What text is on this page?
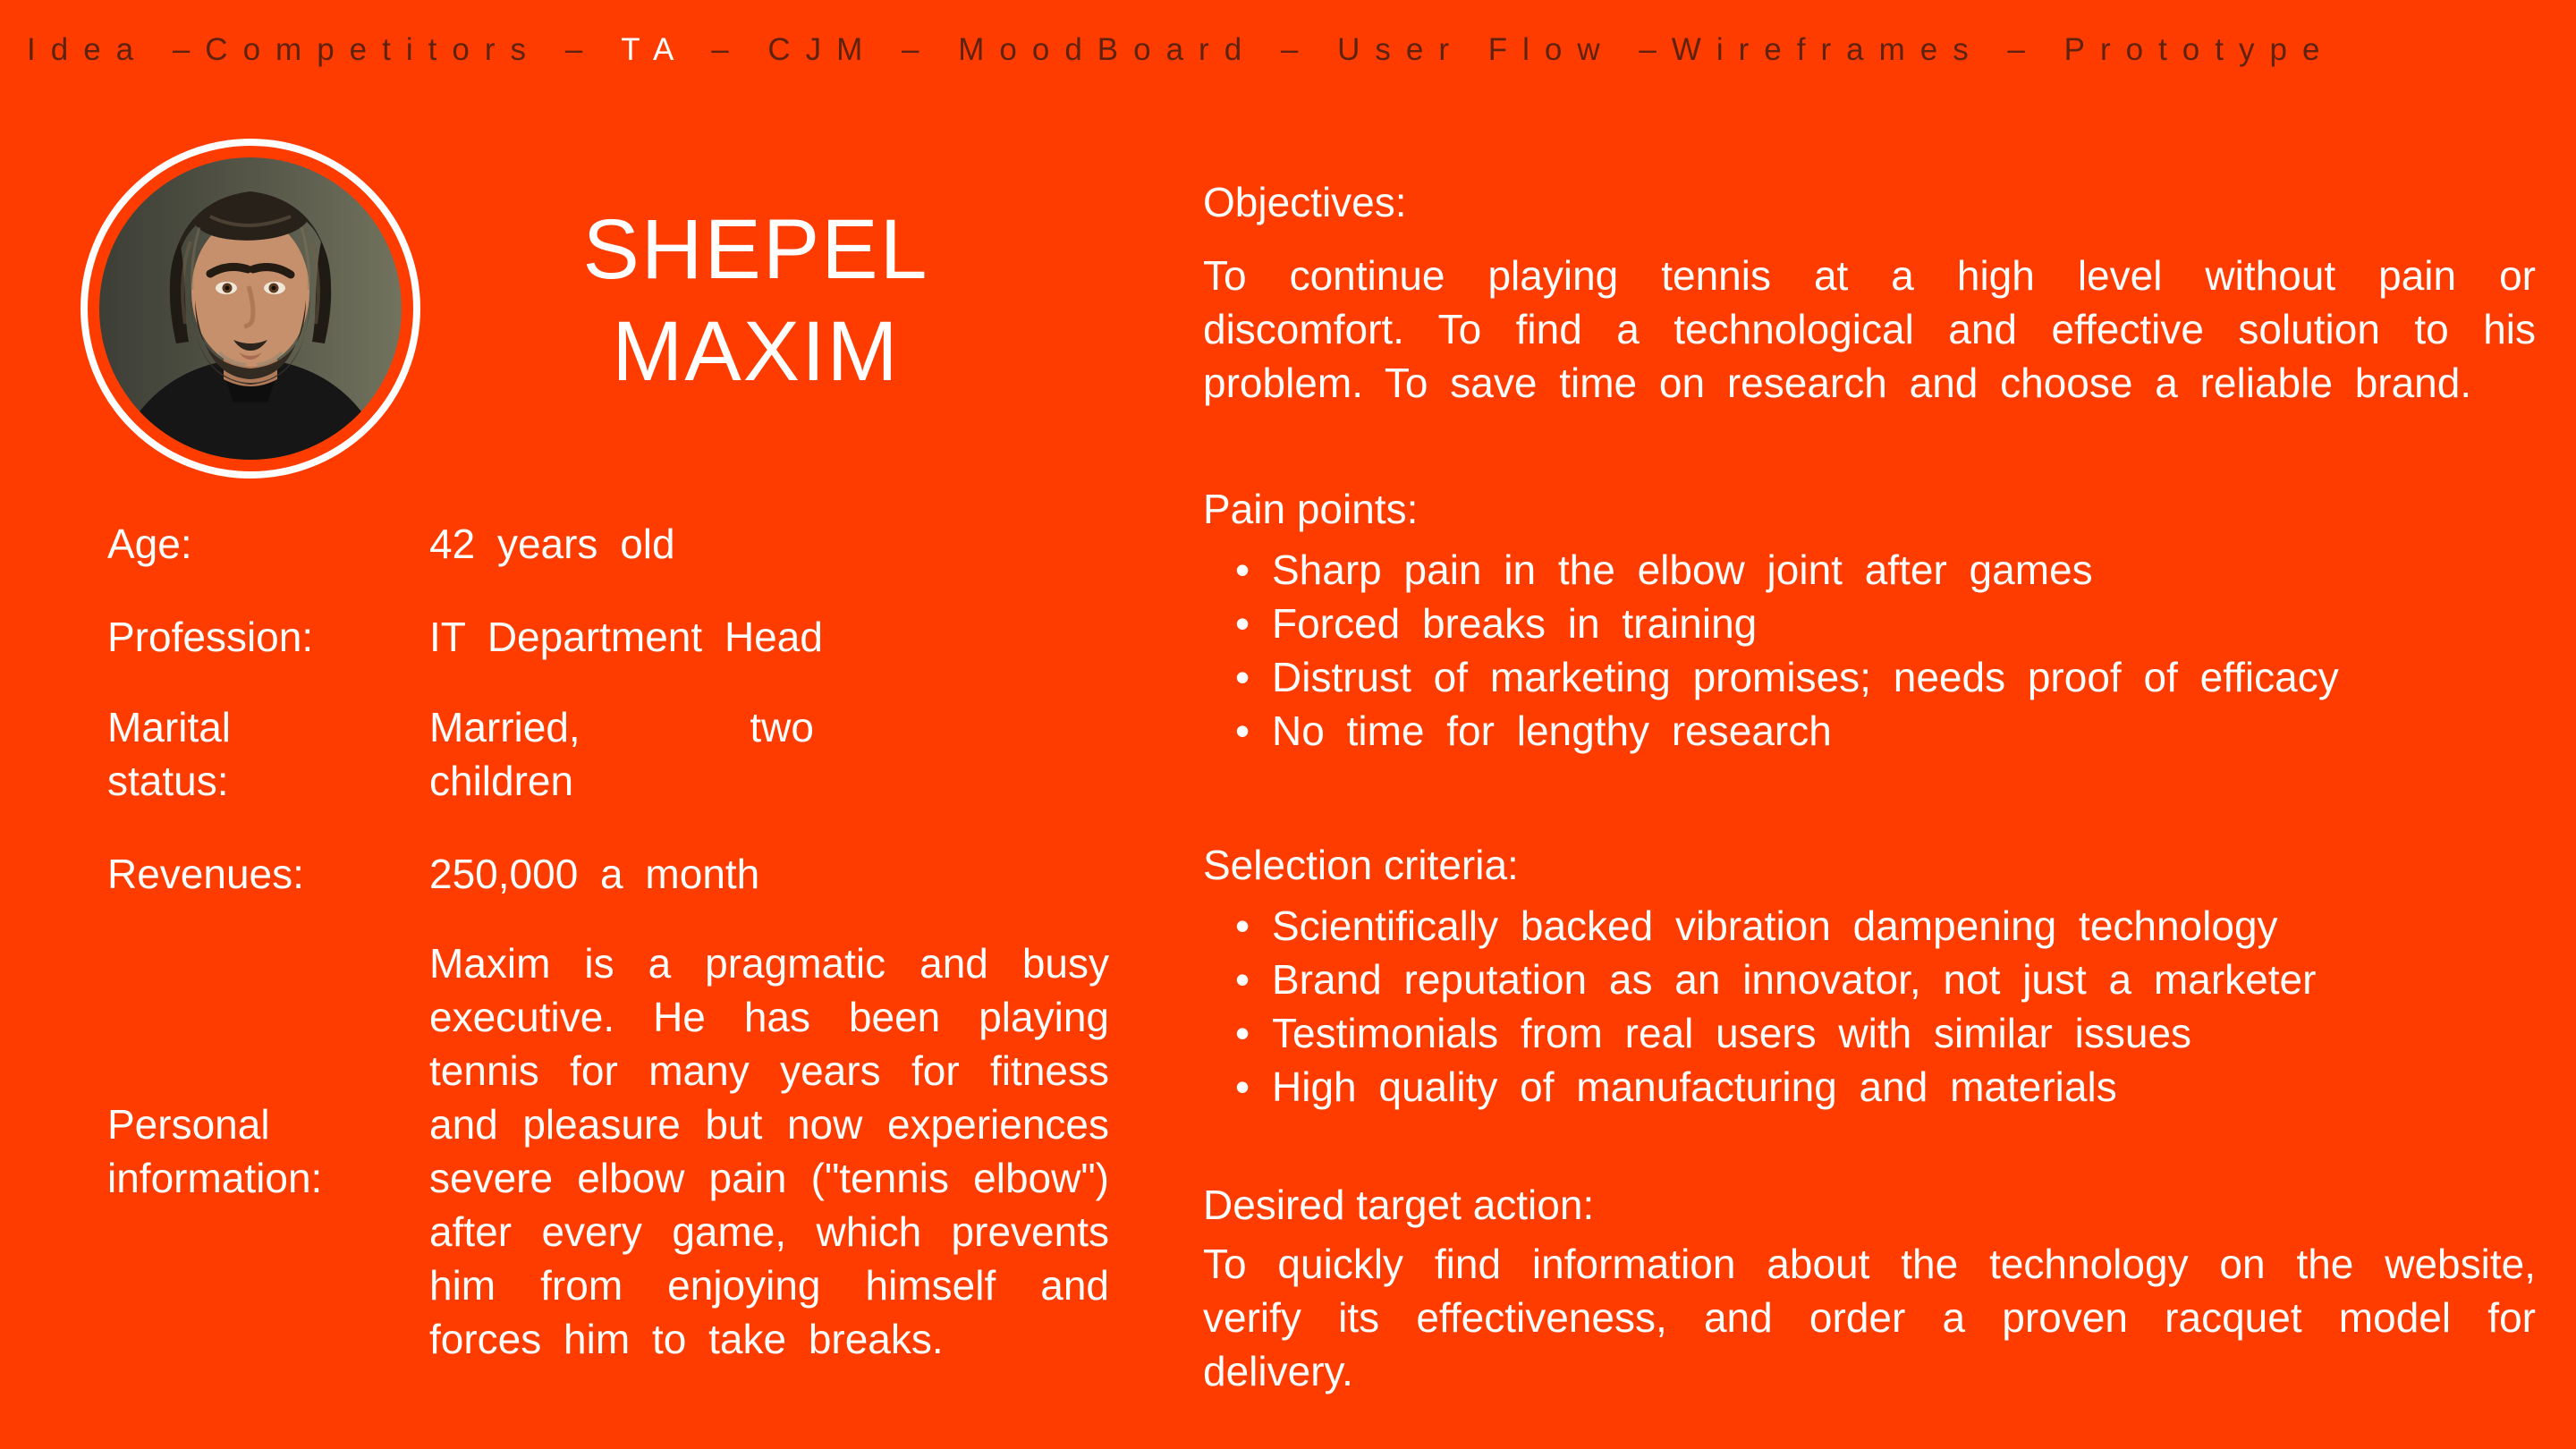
Idea –Competitors – TA – CJM – MoodBoard – User Flow –Wireframes – Prototype
SHEPEL
MAXIM
Age:	42 years old
Profession:	IT Department Head
Marital status:
Married, two children
Revenues:	250,000 a month
Personal information:
Maxim is a pragmatic and busy executive. He has been playing tennis for many years for fitness and pleasure but now experiences severe elbow pain ("tennis elbow") after every game, which prevents him from enjoying himself and forces him to take breaks.
Objectives:

To continue playing tennis at a high level without pain or discomfort. To find a technological and effective solution to his problem. To save time on research and choose a reliable brand.

Pain points:
• Sharp pain in the elbow joint after games
• Forced breaks in training
• Distrust of marketing promises; needs proof of efficacy
• No time for lengthy research
Selection criteria:
• Scientifically backed vibration dampening technology
• Brand reputation as an innovator, not just a marketer
• Testimonials from real users with similar issues
• High quality of manufacturing and materials
Desired target action:

To quickly find information about the technology on the website, verify its effectiveness, and order a proven racquet model for delivery.
